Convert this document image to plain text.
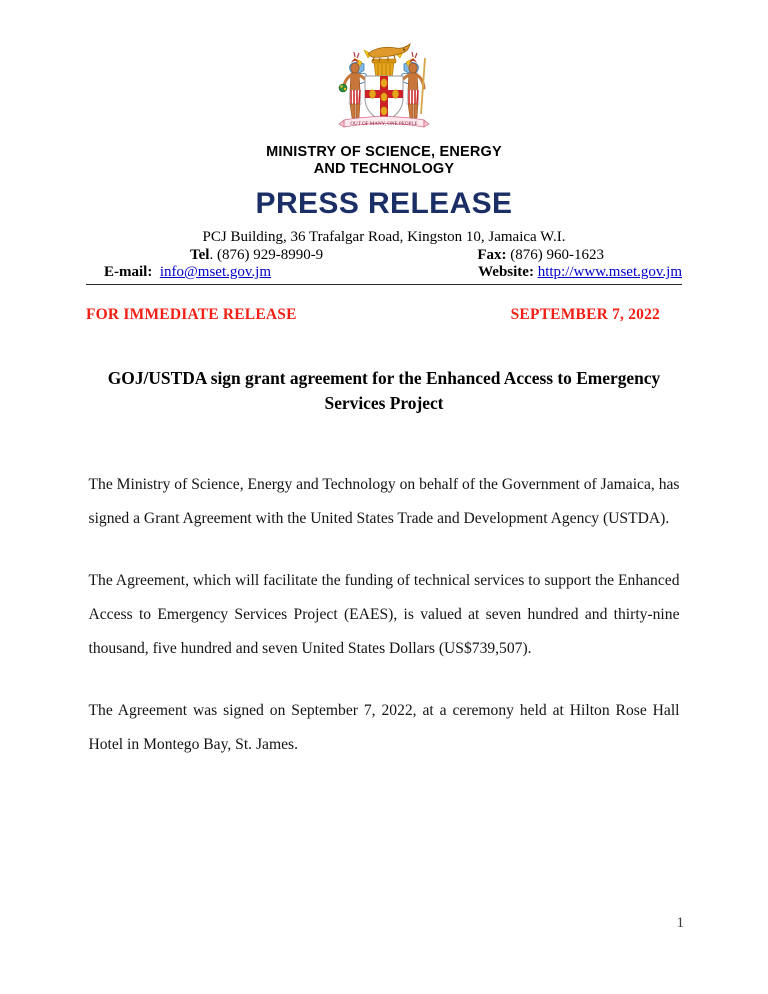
OUT OF MANY, ONE PEOPLE
MINISTRY OF SCIENCE, ENERGY
AND TECHNOLOGY
PRESS RELEASE
PCJ Building, 36 Trafalgar Road, Kingston 10, Jamaica W.I.
Tel. (876) 929-8990-9	Fax: (876) 960-1623
E-mail: info@mset.gov.jm	Website: http://www.mset.gov.jm
FOR IMMEDIATE RELEASE	SEPTEMBER 7, 2022
GOJ/USTDA sign grant agreement for the Enhanced Access to Emergency Services Project

The Ministry of Science, Energy and Technology on behalf of the Government of Jamaica, has signed a Grant Agreement with the United States Trade and Development Agency (USTDA).

The Agreement, which will facilitate the funding of technical services to support the Enhanced Access to Emergency Services Project (EAES), is valued at seven hundred and thirty-nine thousand, five hundred and seven United States Dollars (US$739,507).

The Agreement was signed on September 7, 2022, at a ceremony held at Hilton Rose Hall Hotel in Montego Bay, St. James.

1
